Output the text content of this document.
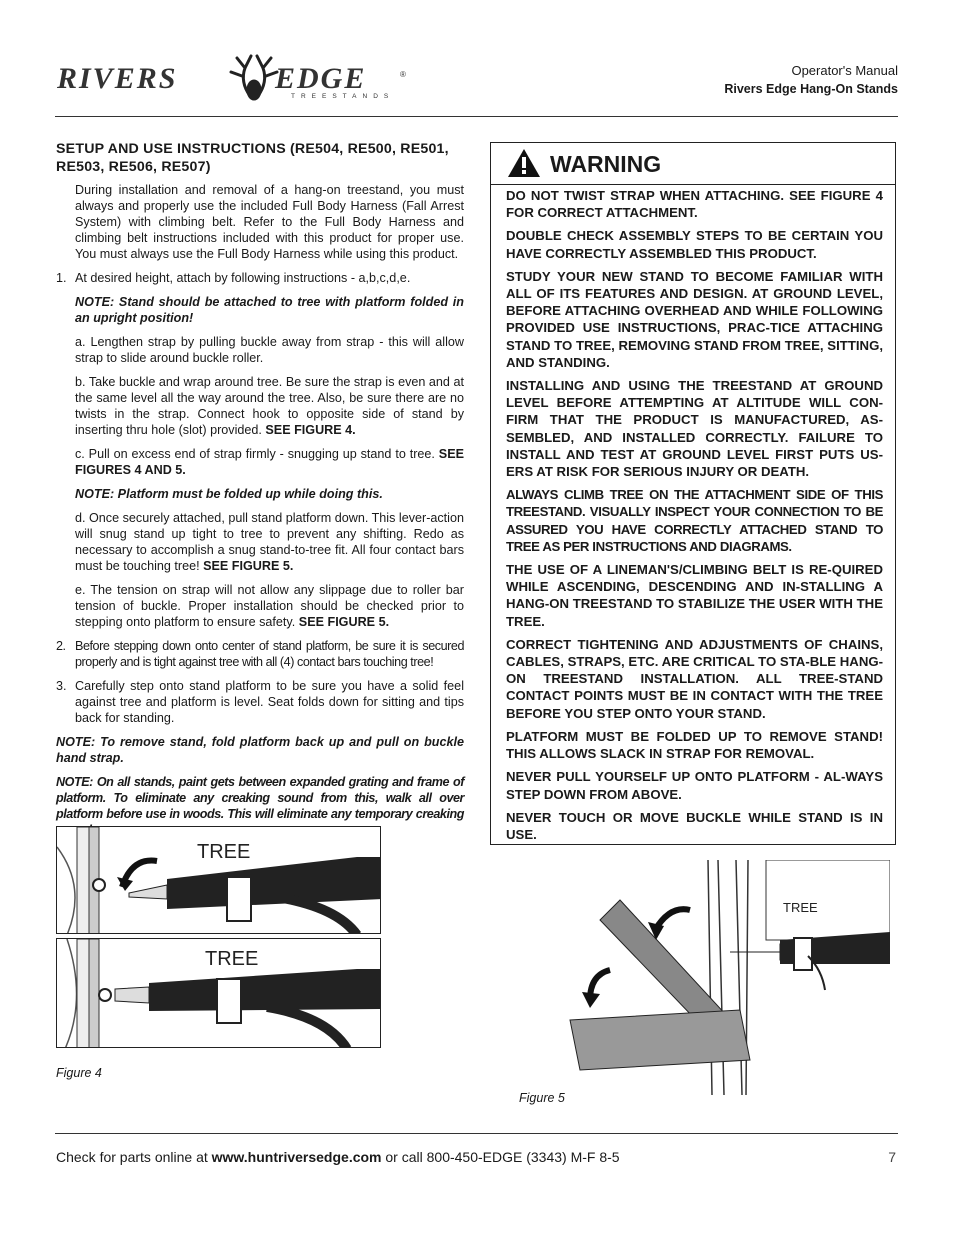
RIVERS	EDGE
TREESTANDS
®	Operator's Manual
Rivers Edge Hang-On Stands
SETUP AND USE INSTRUCTIONS (RE504, RE500, RE501, RE503, RE506, RE507)

During installation and removal of a hang-on treestand, you must always and properly use the included Full Body Harness (Fall Arrest System) with climbing belt. Refer to the Full Body Harness and climbing belt instructions included with this product for proper use. You must always use the Full Body Harness while using this product.

1. At desired height, attach by following instructions - a,b,c,d,e.

NOTE: Stand should be attached to tree with platform folded in an upright position!

a. Lengthen strap by pulling buckle away from strap - this will allow strap to slide around buckle roller.

b. Take buckle and wrap around tree. Be sure the strap is even and at the same level all the way around the tree. Also, be sure there are no twists in the strap. Connect hook to opposite side of stand by inserting thru hole (slot) provided. SEE FIGURE 4.

c. Pull on excess end of strap firmly - snugging up stand to tree. SEE FIGURES 4 AND 5.

NOTE: Platform must be folded up while doing this.

d. Once securely attached, pull stand platform down. This lever-action will snug stand up tight to tree to prevent any shifting. Redo as necessary to accomplish a snug stand-to-tree fit. All four contact bars must be touching tree! SEE FIGURE 5.

e. The tension on strap will not allow any slippage due to roller bar tension of buckle. Proper installation should be checked prior to stepping onto platform to ensure safety. SEE FIGURE 5.

2. Before stepping down onto center of stand platform, be sure it is secured properly and is tight against tree with all (4) contact bars touching tree!

3. Carefully step onto stand platform to be sure you have a solid feel against tree and platform is level. Seat folds down for sitting and tips back for standing.

NOTE: To remove stand, fold platform back up and pull on buckle hand strap.

NOTE: On all stands, paint gets between expanded grating and frame of platform. To eliminate any creaking sound from this, walk all over platform before use in woods. This will eliminate any temporary creaking

WARNING

DO NOT TWIST STRAP WHEN ATTACHING. SEE FIGURE 4 FOR CORRECT ATTACHMENT.

DOUBLE CHECK ASSEMBLY STEPS TO BE CERTAIN YOU HAVE CORRECTLY ASSEMBLED THIS PRODUCT.

STUDY YOUR NEW STAND TO BECOME FAMILIAR WITH ALL OF ITS FEATURES AND DESIGN. AT GROUND LEVEL, BEFORE ATTACHING OVERHEAD AND WHILE FOLLOWING PROVIDED USE INSTRUCTIONS, PRAC-TICE ATTACHING STAND TO TREE, REMOVING STAND FROM TREE, SITTING, AND STANDING.

INSTALLING AND USING THE TREESTAND AT GROUND LEVEL BEFORE ATTEMPTING AT ALTITUDE WILL CON-FIRM THAT THE PRODUCT IS MANUFACTURED, AS-SEMBLED, AND INSTALLED CORRECTLY. FAILURE TO INSTALL AND TEST AT GROUND LEVEL FIRST PUTS US-ERS AT RISK FOR SERIOUS INJURY OR DEATH.

ALWAYS CLIMB TREE ON THE ATTACHMENT SIDE OF THIS TREESTAND. VISUALLY INSPECT YOUR CONNECTION TO BE ASSURED YOU HAVE CORRECTLY ATTACHED STAND TO TREE AS PER INSTRUCTIONS AND DIAGRAMS.

THE USE OF A LINEMAN'S/CLIMBING BELT IS RE-QUIRED WHILE ASCENDING, DESCENDING AND IN-STALLING A HANG-ON TREESTAND TO STABILIZE THE USER WITH THE TREE.

CORRECT TIGHTENING AND ADJUSTMENTS OF CHAINS, CABLES, STRAPS, ETC. ARE CRITICAL TO STA-BLE HANG-ON TREESTAND INSTALLATION. ALL TREE-STAND CONTACT POINTS MUST BE IN CONTACT WITH THE TREE BEFORE YOU STEP ONTO YOUR STAND.

PLATFORM MUST BE FOLDED UP TO REMOVE STAND! THIS ALLOWS SLACK IN STRAP FOR REMOVAL.

NEVER PULL YOURSELF UP ONTO PLATFORM - AL-WAYS STEP DOWN FROM ABOVE.

NEVER TOUCH OR MOVE BUCKLE WHILE STAND IS IN USE.

TREE
TREE
Figure 4
TREE
Figure 5
Check for parts online at www.huntriversedge.com or call 800-450-EDGE (3343) M-F 8-5	7
